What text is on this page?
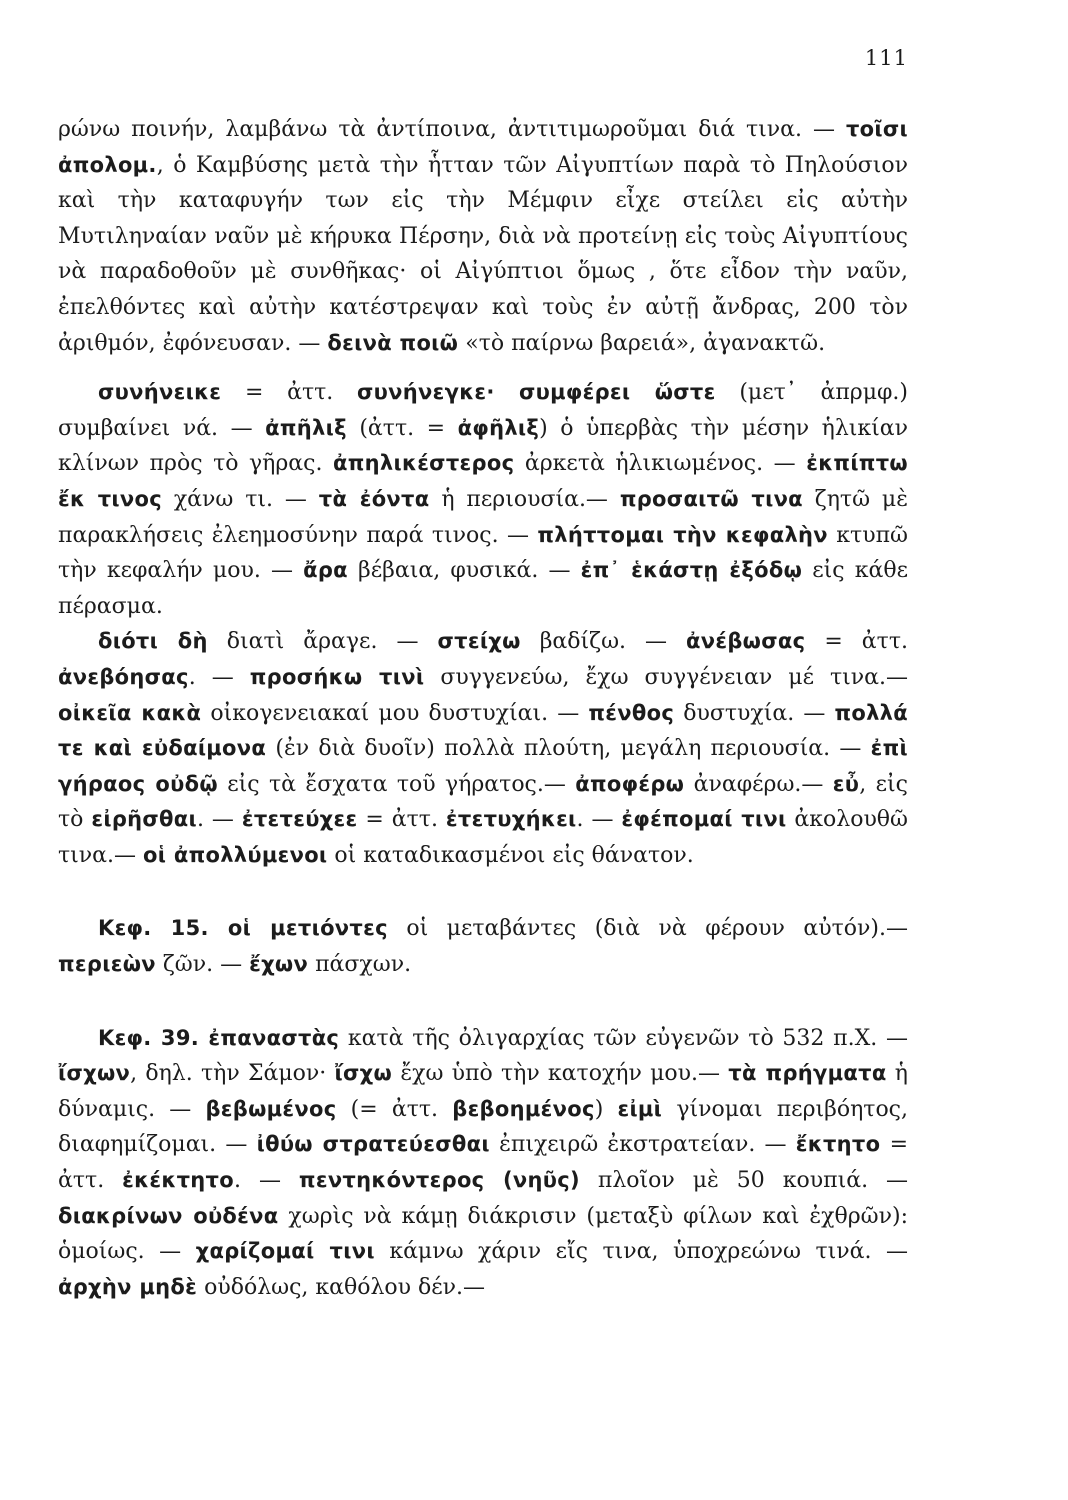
111

ρώνω ποινήν, λαμβάνω τὰ ἀντίποινα, ἀντιτιμωροῦμαι διά τινα. — τοῖσι ἀπολομ., ὁ Καμβύσης μετὰ τὴν ἧτταν τῶν Αἰγυπτίων παρὰ τὸ Πηλούσιον καὶ τὴν καταφυγήν των εἰς τὴν Μέμφιν εἶχε στείλει εἰς αὐτὴν Μυτιληναίαν ναῦν μὲ κήρυκα Πέρσην, διὰ νὰ προτείνῃ εἰς τοὺς Αἰγυπτίους νὰ παραδοθοῦν μὲ συνθῆκας· οἱ Αἰγύπτιοι ὅμως , ὅτε εἶδον τὴν ναῦν, ἐπελθόντες καὶ αὐτὴν κατέστρεψαν καὶ τοὺς ἐν αὐτῇ ἄνδρας, 200 τὸν ἀριθμόν, ἐφόνευσαν. — δεινὰ ποιῶ «τὸ παίρνω βαρειά», ἀγανακτῶ.

συνήνεικε = ἀττ. συνήνεγκε· συμφέρει ὥστε (μετ᾿ ἀπρμφ.) συμβαίνει νά. — ἀπῆλιξ (ἀττ. = ἀφῆλιξ) ὁ ὑπερβὰς τὴν μέσην ἡλικίαν κλίνων πρὸς τὸ γῆρας. ἀπηλικέστερος ἀρκετὰ ἡλικιωμένος. — ἐκπίπτω ἔκ τινος χάνω τι. — τὰ ἐόντα ἡ περιουσία.— προσαιτῶ τινα ζητῶ μὲ παρακλήσεις ἐλεημοσύνην παρά τινος. — πλήττομαι τὴν κεφαλὴν κτυπῶ τὴν κεφαλήν μου. — ἄρα βέβαια, φυσικά. — ἐπ᾿ ἑκάστῃ ἐξόδῳ εἰς κάθε πέρασμα.

διότι δὴ διατὶ ἄραγε. — στείχω βαδίζω. — ἀνέβωσας = ἀττ. ἀνεβόησας. — προσήκω τινὶ συγγενεύω, ἔχω συγγένειαν μέ τινα.— οἰκεῖα κακὰ οἰκογενειακαί μου δυστυχίαι. — πένθος δυστυχία. — πολλά τε καὶ εὐδαίμονα (ἐν διὰ δυοῖν) πολλὰ πλούτη, μεγάλη περιουσία. — ἐπὶ γήραος οὐδῷ εἰς τὰ ἔσχατα τοῦ γήρατος.— ἀποφέρω ἀναφέρω.— εὖ, εἰς τὸ εἰρῆσθαι. — ἐτετεύχεε = ἀττ. ἐτετυχήκει. — ἐφέπομαί τινι ἀκολουθῶ τινα.— οἱ ἀπολλύμενοι οἱ καταδικασμένοι εἰς θάνατον.

Κεφ. 15. οἱ μετιόντες οἱ μεταβάντες (διὰ νὰ φέρουν αὐτόν).— περιεὼν ζῶν. — ἔχων πάσχων.

Κεφ. 39. ἐπαναστὰς κατὰ τῆς ὀλιγαρχίας τῶν εὐγενῶν τὸ 532 π.Χ. — ἴσχων, δηλ. τὴν Σάμον· ἴσχω ἔχω ὑπὸ τὴν κατοχήν μου.— τὰ πρήγματα ἡ δύναμις. — βεβωμένος (= ἀττ. βεβοημένος) εἰμὶ γίνομαι περιβόητος, διαφημίζομαι. — ἰθύω στρατεύεσθαι ἐπιχειρῶ ἐκστρατείαν. — ἔκτητο = ἀττ. ἐκέκτητο. — πεντηκόντερος (νηῦς) πλοῖον μὲ 50 κουπιά. — διακρίνων οὐδένα χωρὶς νὰ κάμῃ διάκρισιν (μεταξὺ φίλων καὶ ἐχθρῶν): ὁμοίως. — χαρίζομαί τινι κάμνω χάριν εἴς τινα, ὑποχρεώνω τινά. — ἀρχὴν μηδὲ οὐδόλως, καθόλου δέν.—
